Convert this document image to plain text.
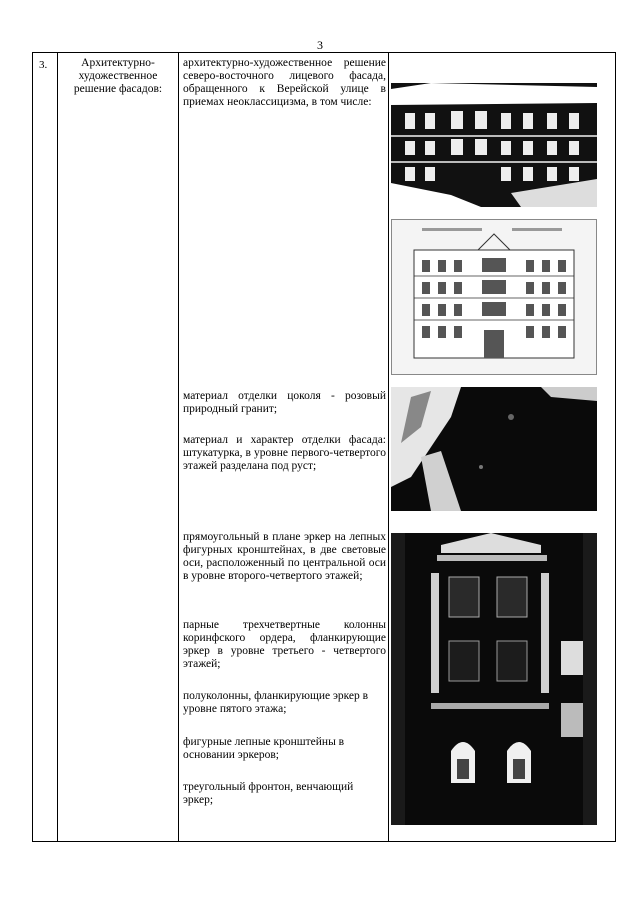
3
3.	Архитектурно-художественное решение фасадов:
архитектурно-художественное решение северо-восточного лицевого фасада, обращенного к Верейской улице в приемах неоклассицизма, в том числе:
материал отделки цоколя - розовый природный гранит;
материал и характер отделки фасада: штукатурка, в уровне первого-четвертого этажей разделана под руст;
прямоугольный в плане эркер на лепных фигурных кронштейнах, в две световые оси, расположенный по центральной оси в уровне второго-четвертого этажей;
парные трехчетвертные колонны коринфского ордера, фланкирующие эркер в уровне третьего - четвертого этажей;
полуколонны, фланкирующие эркер в уровне пятого этажа;
фигурные лепные кронштейны в основании эркеров;
треугольный фронтон, венчающий эркер;
